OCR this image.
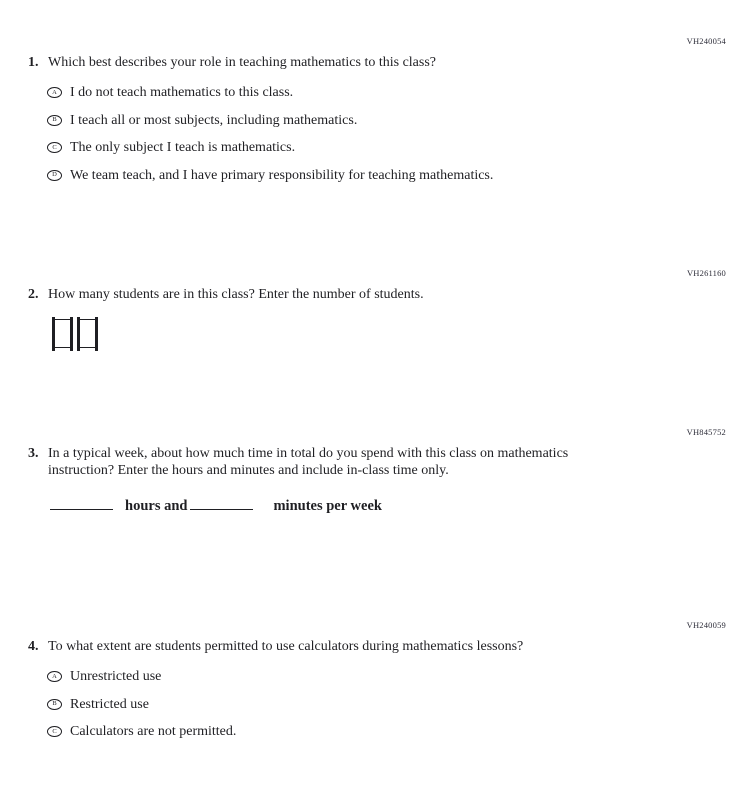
VH240054
1. Which best describes your role in teaching mathematics to this class?

A I do not teach mathematics to this class.
B I teach all or most subjects, including mathematics.
C The only subject I teach is mathematics.
D We team teach, and I have primary responsibility for teaching mathematics.
VH261160
2. How many students are in this class? Enter the number of students.

VH845752
3. In a typical week, about how much time in total do you spend with this class on mathematics instruction? Enter the hours and minutes and include in-class time only.

hours and	minutes per week
VH240059
4. To what extent are students permitted to use calculators during mathematics lessons?

A Unrestricted use
B Restricted use
C Calculators are not permitted.
